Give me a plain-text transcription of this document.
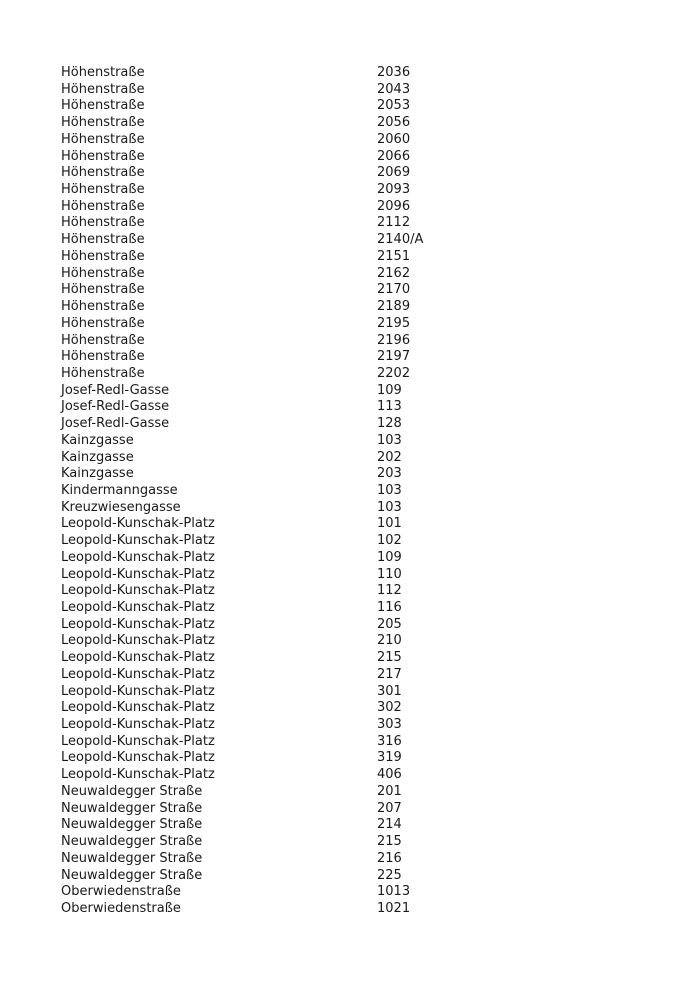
Höhenstraße	2036
Höhenstraße	2043
Höhenstraße	2053
Höhenstraße	2056
Höhenstraße	2060
Höhenstraße	2066
Höhenstraße	2069
Höhenstraße	2093
Höhenstraße	2096
Höhenstraße	2112
Höhenstraße	2140/A
Höhenstraße	2151
Höhenstraße	2162
Höhenstraße	2170
Höhenstraße	2189
Höhenstraße	2195
Höhenstraße	2196
Höhenstraße	2197
Höhenstraße	2202
Josef-Redl-Gasse	109
Josef-Redl-Gasse	113
Josef-Redl-Gasse	128
Kainzgasse	103
Kainzgasse	202
Kainzgasse	203
Kindermanngasse	103
Kreuzwiesengasse	103
Leopold-Kunschak-Platz	101
Leopold-Kunschak-Platz	102
Leopold-Kunschak-Platz	109
Leopold-Kunschak-Platz	110
Leopold-Kunschak-Platz	112
Leopold-Kunschak-Platz	116
Leopold-Kunschak-Platz	205
Leopold-Kunschak-Platz	210
Leopold-Kunschak-Platz	215
Leopold-Kunschak-Platz	217
Leopold-Kunschak-Platz	301
Leopold-Kunschak-Platz	302
Leopold-Kunschak-Platz	303
Leopold-Kunschak-Platz	316
Leopold-Kunschak-Platz	319
Leopold-Kunschak-Platz	406
Neuwaldegger Straße	201
Neuwaldegger Straße	207
Neuwaldegger Straße	214
Neuwaldegger Straße	215
Neuwaldegger Straße	216
Neuwaldegger Straße	225
Oberwiedenstraße	1013
Oberwiedenstraße	1021
